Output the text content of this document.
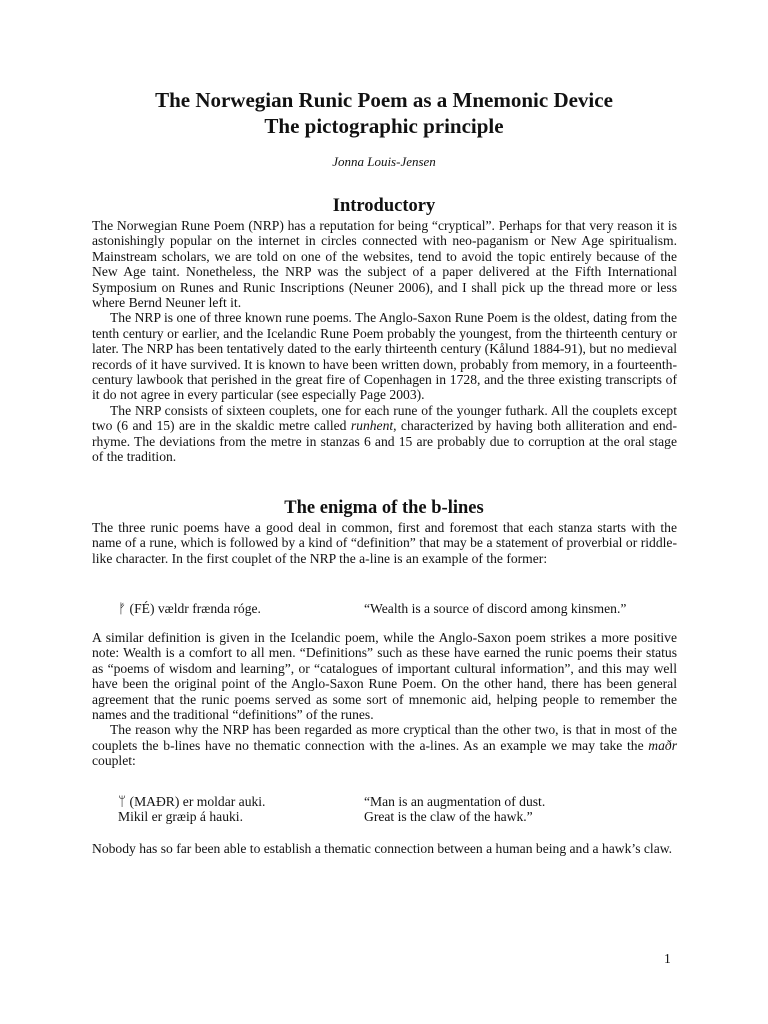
The Norwegian Runic Poem as a Mnemonic Device
The pictographic principle
Jonna Louis-Jensen
Introductory

The Norwegian Rune Poem (NRP) has a reputation for being “cryptical”. Perhaps for that very reason it is astonishingly popular on the internet in circles connected with neo-paganism or New Age spiritualism. Mainstream scholars, we are told on one of the websites, tend to avoid the topic entirely because of the New Age taint. Nonetheless, the NRP was the subject of a paper delivered at the Fifth International Symposium on Runes and Runic Inscriptions (Neuner 2006), and I shall pick up the thread more or less where Bernd Neuner left it.

The NRP is one of three known rune poems. The Anglo-Saxon Rune Poem is the oldest, dating from the tenth century or earlier, and the Icelandic Rune Poem probably the youngest, from the thirteenth century or later. The NRP has been tentatively dated to the early thirteenth century (Kålund 1884-91), but no medieval records of it have survived. It is known to have been written down, probably from memory, in a fourteenth-century lawbook that perished in the great fire of Copenhagen in 1728, and the three existing transcripts of it do not agree in every particular (see especially Page 2003).

The NRP consists of sixteen couplets, one for each rune of the younger futhark. All the couplets except two (6 and 15) are in the skaldic metre called runhent, characterized by having both alliteration and end-rhyme. The deviations from the metre in stanzas 6 and 15 are probably due to corruption at the oral stage of the tradition.

The enigma of the b-lines

The three runic poems have a good deal in common, first and foremost that each stanza starts with the name of a rune, which is followed by a kind of “definition” that may be a statement of proverbial or riddle-like character. In the first couplet of the NRP the a-line is an example of the former:

ᚠ (FÉ) vældr frænda róge.	“Wealth is a source of discord among kinsmen.”

A similar definition is given in the Icelandic poem, while the Anglo-Saxon poem strikes a more positive note: Wealth is a comfort to all men. “Definitions” such as these have earned the runic poems their status as “poems of wisdom and learning”, or “catalogues of important cultural information”, and this may well have been the original point of the Anglo-Saxon Rune Poem. On the other hand, there has been general agreement that the runic poems served as some sort of mnemonic aid, helping people to remember the names and the traditional “definitions” of the runes.

The reason why the NRP has been regarded as more cryptical than the other two, is that in most of the couplets the b-lines have no thematic connection with the a-lines. As an example we may take the maðr couplet:

ᛘ (MAÐR) er moldar auki.	“Man is an augmentation of dust.
Mikil er græip á hauki.	Great is the claw of the hawk.”

Nobody has so far been able to establish a thematic connection between a human being and a hawk’s claw.

1
